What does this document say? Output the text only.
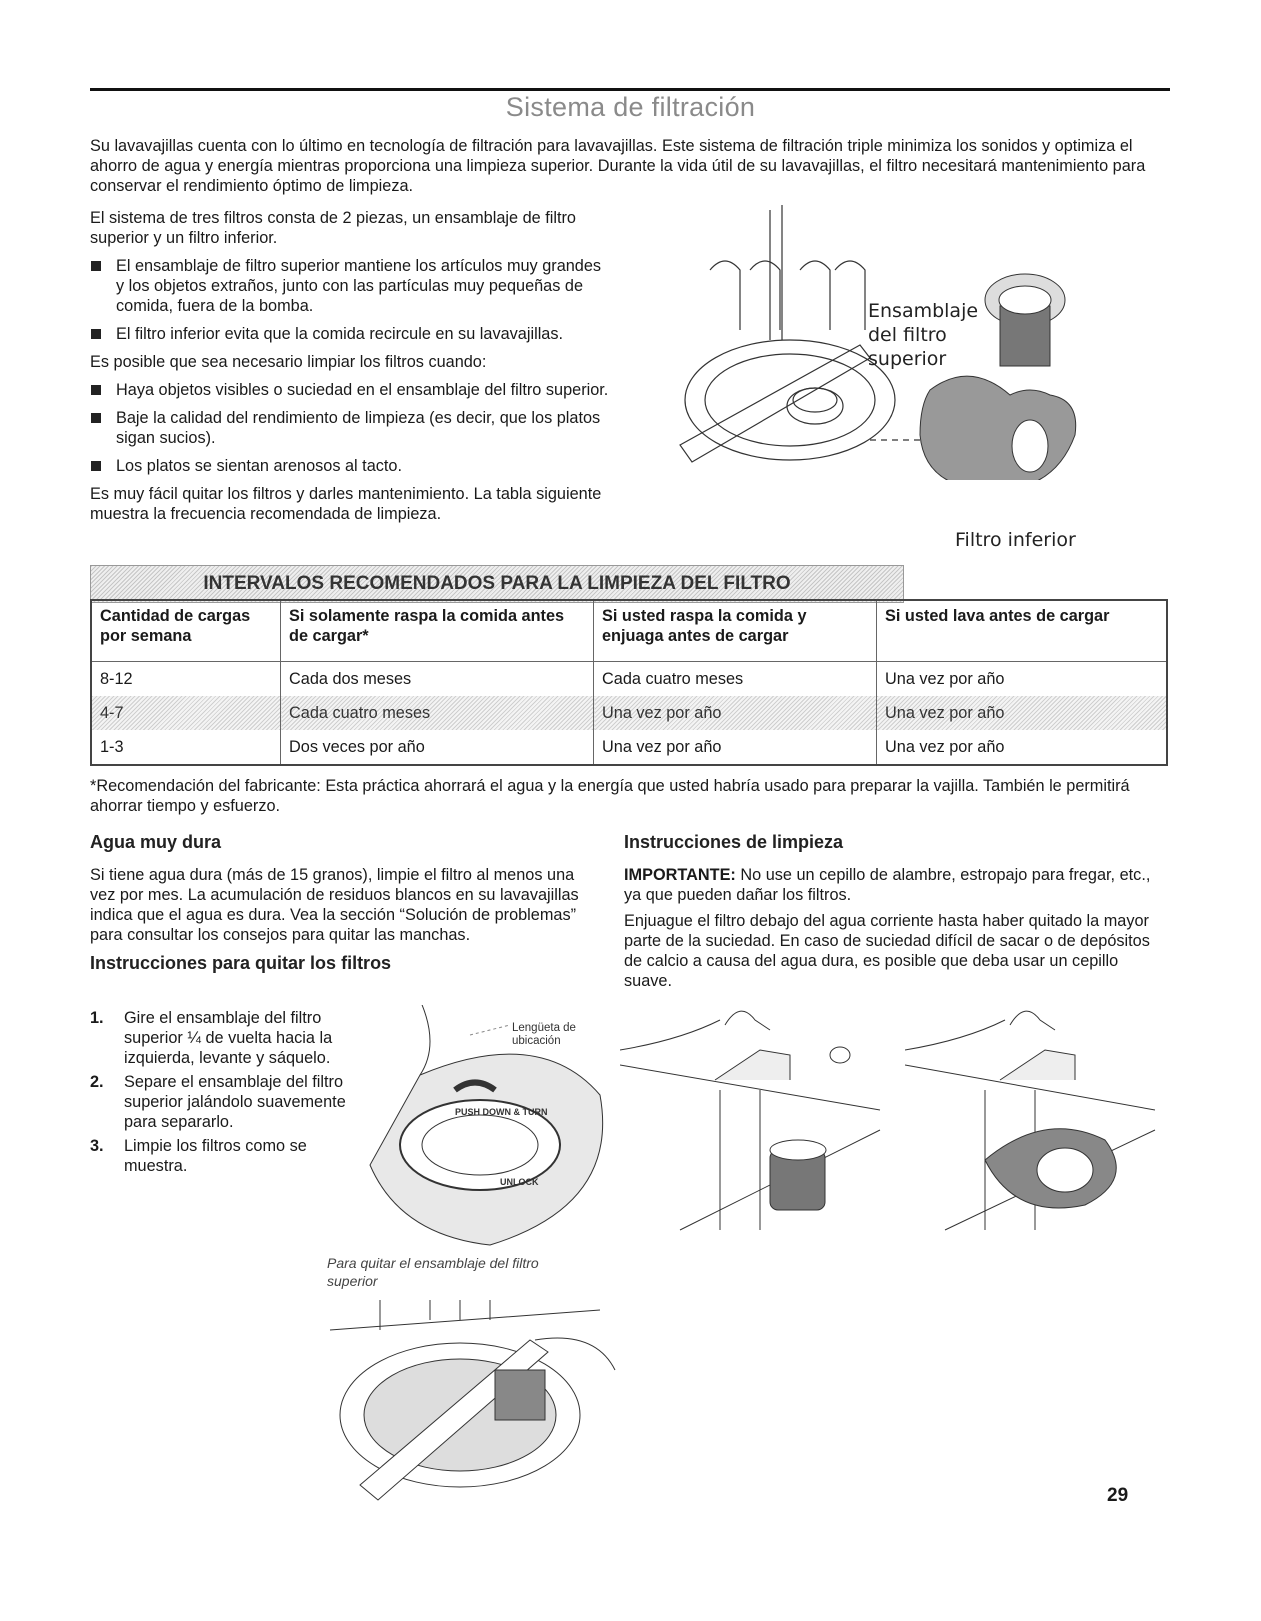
Sistema de filtración

Su lavavajillas cuenta con lo último en tecnología de filtración para lavavajillas. Este sistema de filtración triple minimiza los sonidos y optimiza el ahorro de agua y energía mientras proporciona una limpieza superior. Durante la vida útil de su lavavajillas, el filtro necesitará mantenimiento para conservar el rendimiento óptimo de limpieza.

El sistema de tres filtros consta de 2 piezas, un ensamblaje de filtro superior y un filtro inferior.

El ensamblaje de filtro superior mantiene los artículos muy grandes y los objetos extraños, junto con las partículas muy pequeñas de comida, fuera de la bomba.
El filtro inferior evita que la comida recircule en su lavavajillas.

Es posible que sea necesario limpiar los filtros cuando:

Haya objetos visibles o suciedad en el ensamblaje del filtro superior.
Baje la calidad del rendimiento de limpieza (es decir, que los platos sigan sucios).
Los platos se sientan arenosos al tacto.

Es muy fácil quitar los filtros y darles mantenimiento. La tabla siguiente muestra la frecuencia recomendada de limpieza.

Ensamblaje
del filtro
superior
Filtro inferior
INTERVALOS RECOMENDADOS PARA LA LIMPIEZA DEL FILTRO
Cantidad de cargas por semana	Si solamente raspa la comida antes de cargar*	Si usted raspa la comida y enjuaga antes de cargar	Si usted lava antes de cargar
8-12	Cada dos meses	Cada cuatro meses	Una vez por año
4-7	Cada cuatro meses	Una vez por año	Una vez por año
1-3	Dos veces por año	Una vez por año	Una vez por año

*Recomendación del fabricante: Esta práctica ahorrará el agua y la energía que usted habría usado para preparar la vajilla. También le permitirá ahorrar tiempo y esfuerzo.

Agua muy dura

Si tiene agua dura (más de 15 granos), limpie el filtro al menos una vez por mes. La acumulación de residuos blancos en su lavavajillas indica que el agua es dura. Vea la sección “Solución de problemas” para consultar los consejos para quitar las manchas.

Instrucciones para quitar los filtros

1. Gire el ensamblaje del filtro superior ¼ de vuelta hacia la izquierda, levante y sáquelo.
2. Separe el ensamblaje del filtro superior jalándolo suavemente para separarlo.
3. Limpie los filtros como se muestra.
PUSH DOWN & TURN
UNLOCK
Lengüeta de ubicación
Para quitar el ensamblaje del filtro superior

Instrucciones de limpieza

IMPORTANTE: No use un cepillo de alambre, estropajo para fregar, etc., ya que pueden dañar los filtros.

Enjuague el filtro debajo del agua corriente hasta haber quitado la mayor parte de la suciedad. En caso de suciedad difícil de sacar o de depósitos de calcio a causa del agua dura, es posible que deba usar un cepillo suave.

29
